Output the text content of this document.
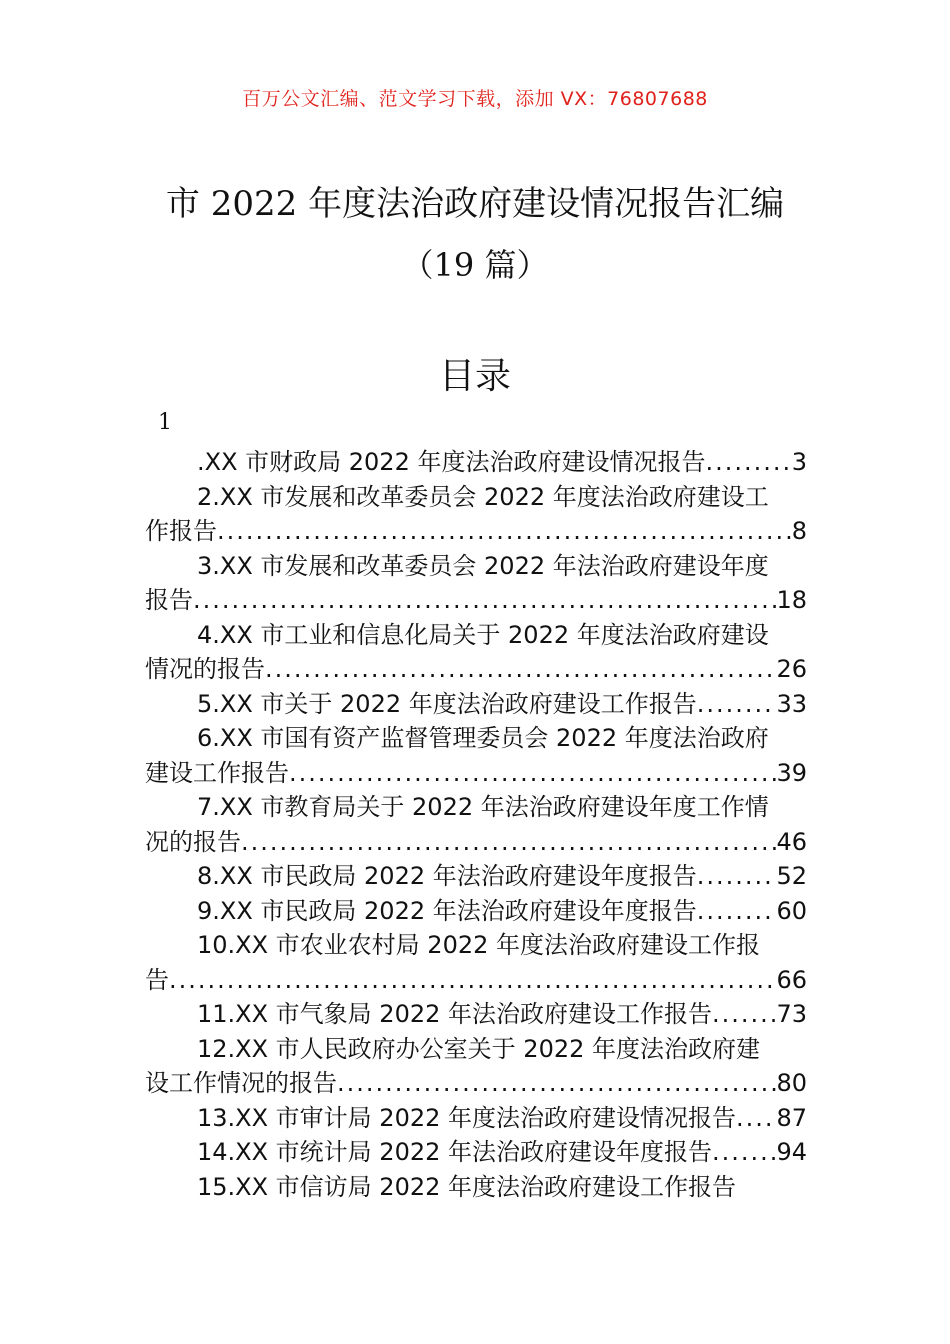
百万公文汇编、范文学习下载，添加 VX：76807688
市 2022 年度法治政府建设情况报告汇编
（19 篇）
目录
1
.XX 市财政局 2022 年度法治政府建设情况报告 .....	3
2.XX 市发展和改革委员会 2022 年度法治政府建设工
作报告 .....	8
3.XX 市发展和改革委员会 2022 年法治政府建设年度
报告 .....	18
4.XX 市工业和信息化局关于 2022 年度法治政府建设
情况的报告 .....	26
5.XX 市关于 2022 年度法治政府建设工作报告 .....	33
6.XX 市国有资产监督管理委员会 2022 年度法治政府
建设工作报告 .....	39
7.XX 市教育局关于 2022 年法治政府建设年度工作情
况的报告 .....	46
8.XX 市民政局 2022 年法治政府建设年度报告 .....	52
9.XX 市民政局 2022 年法治政府建设年度报告 .....	60
10.XX 市农业农村局 2022 年度法治政府建设工作报
告 .....	66
11.XX 市气象局 2022 年法治政府建设工作报告 .....	73
12.XX 市人民政府办公室关于 2022 年度法治政府建
设工作情况的报告 .....	80
13.XX 市审计局 2022 年度法治政府建设情况报告 ..... 87
14.XX 市统计局 2022 年法治政府建设年度报告 .....	94
15.XX 市信访局 2022 年度法治政府建设工作报告
